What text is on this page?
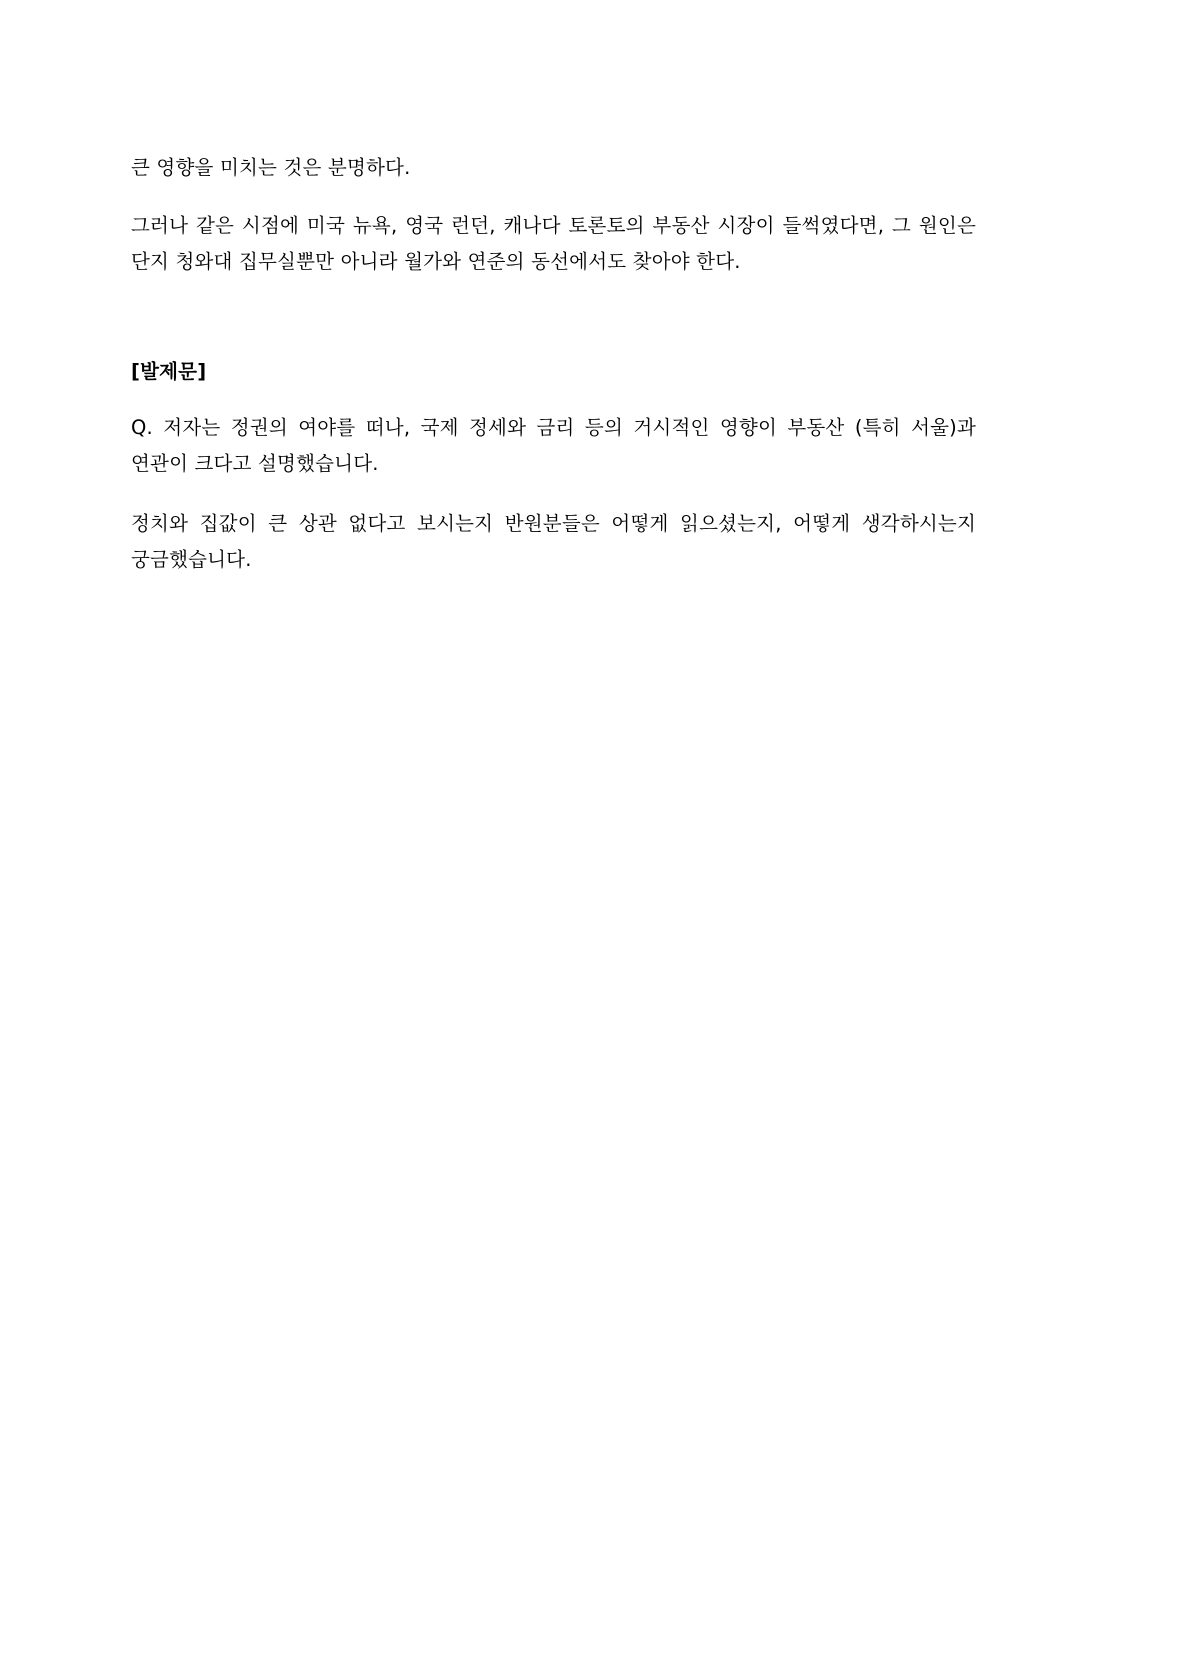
큰 영향을 미치는 것은 분명하다.

그러나 같은 시점에 미국 뉴욕, 영국 런던, 캐나다 토론토의 부동산 시장이 들썩였다면, 그 원인은 단지 청와대 집무실뿐만 아니라 월가와 연준의 동선에서도 찾아야 한다.

[발제문]

Q. 저자는 정권의 여야를 떠나, 국제 정세와 금리 등의 거시적인 영향이 부동산 (특히 서울)과 연관이 크다고 설명했습니다.

정치와 집값이 큰 상관 없다고 보시는지 반원분들은 어떻게 읽으셨는지, 어떻게 생각하시는지 궁금했습니다.
